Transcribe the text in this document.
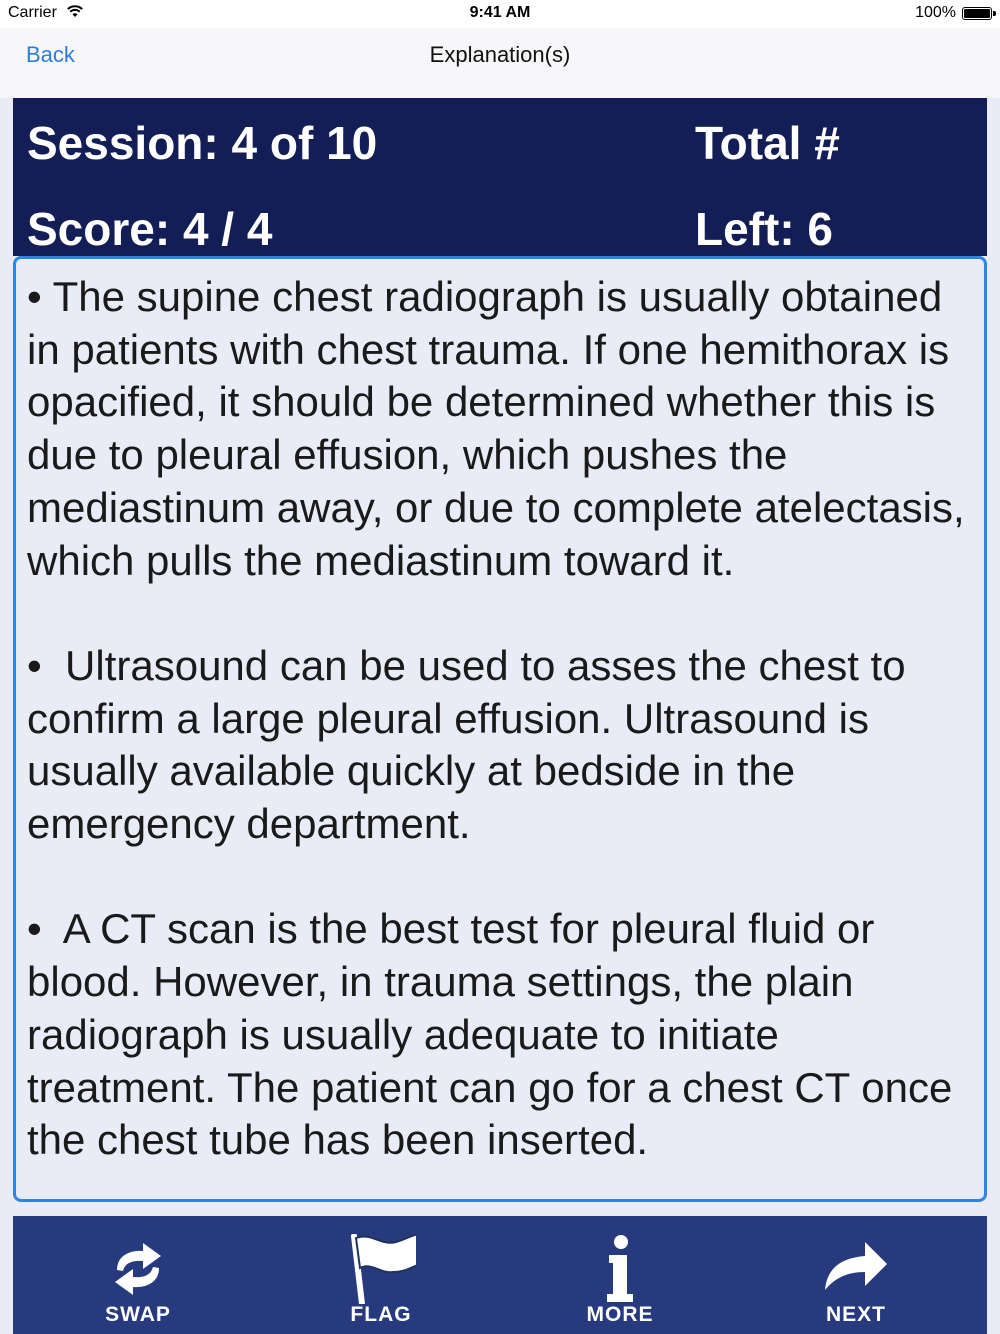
Carrier	9:41 AM	100%
Back	Explanation(s)
Session: 4 of 10
Score: 4 / 4
Total #
Left: 6

• The supine chest radiograph is usually obtained in patients with chest trauma. If one hemithorax is opacified, it should be determined whether this is due to pleural effusion, which pushes the mediastinum away, or due to complete atelectasis, which pulls the mediastinum toward it.

•  Ultrasound can be used to asses the chest to confirm a large pleural effusion. Ultrasound is usually available quickly at bedside in the emergency department.

•  A CT scan is the best test for pleural fluid or blood. However, in trauma settings, the plain radiograph is usually adequate to initiate treatment. The patient can go for a chest CT once the chest tube has been inserted.

SWAP	FLAG	MORE	NEXT
